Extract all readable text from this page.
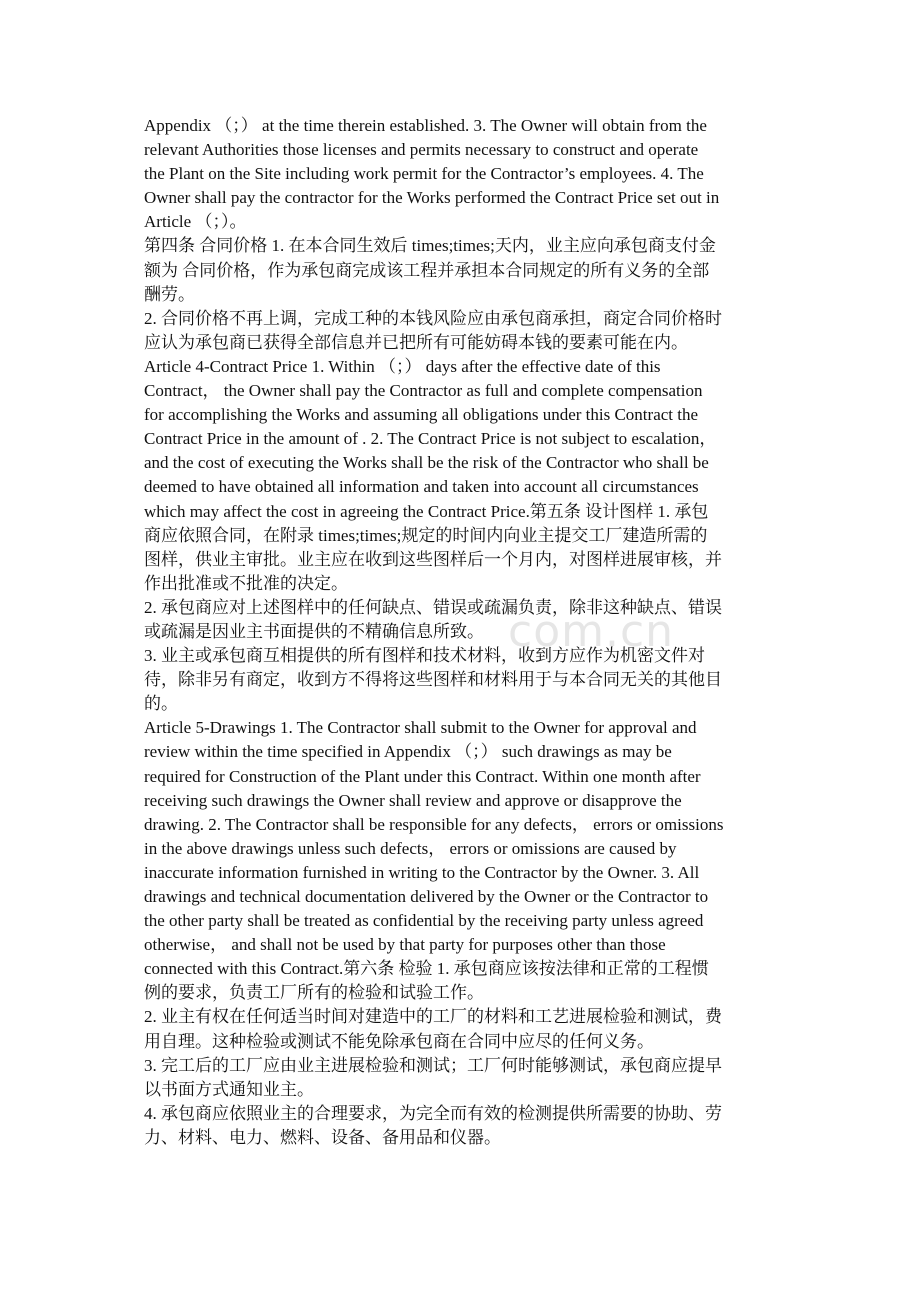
com.cn

Appendix （；） at the time therein established. 3. The Owner will obtain from the
relevant Authorities those licenses and permits necessary to construct and operate
the Plant on the Site including work permit for the Contractor’s employees. 4. The
Owner shall pay the contractor for the Works performed the Contract Price set out in
Article （；）。

第四条 合同价格 1. 在本合同生效后 times;times;天内，业主应向承包商支付金
额为 合同价格，作为承包商完成该工程并承担本合同规定的所有义务的全部
酬劳。

2. 合同价格不再上调，完成工种的本钱风险应由承包商承担，商定合同价格时
应认为承包商已获得全部信息并已把所有可能妨碍本钱的要素可能在内。

Article 4-Contract Price 1. Within （；） days after the effective date of this
Contract， the Owner shall pay the Contractor as full and complete compensation
for accomplishing the Works and assuming all obligations under this Contract the
Contract Price in the amount of . 2. The Contract Price is not subject to escalation，
and the cost of executing the Works shall be the risk of the Contractor who shall be
deemed to have obtained all information and taken into account all circumstances
which may affect the cost in agreeing the Contract Price.第五条 设计图样 1. 承包
商应依照合同，在附录 times;times;规定的时间内向业主提交工厂建造所需的
图样，供业主审批。业主应在收到这些图样后一个月内，对图样进展审核，并
作出批准或不批准的决定。

2. 承包商应对上述图样中的任何缺点、错误或疏漏负责，除非这种缺点、错误
或疏漏是因业主书面提供的不精确信息所致。

3. 业主或承包商互相提供的所有图样和技术材料，收到方应作为机密文件对
待，除非另有商定，收到方不得将这些图样和材料用于与本合同无关的其他目
的。

Article 5-Drawings 1. The Contractor shall submit to the Owner for approval and
review within the time specified in Appendix （；） such drawings as may be
required for Construction of the Plant under this Contract. Within one month after
receiving such drawings the Owner shall review and approve or disapprove the
drawing. 2. The Contractor shall be responsible for any defects， errors or omissions
in the above drawings unless such defects， errors or omissions are caused by
inaccurate information furnished in writing to the Contractor by the Owner. 3. All
drawings and technical documentation delivered by the Owner or the Contractor to
the other party shall be treated as confidential by the receiving party unless agreed
otherwise， and shall not be used by that party for purposes other than those
connected with this Contract.第六条 检验 1. 承包商应该按法律和正常的工程惯
例的要求，负责工厂所有的检验和试验工作。

2. 业主有权在任何适当时间对建造中的工厂的材料和工艺进展检验和测试，费
用自理。这种检验或测试不能免除承包商在合同中应尽的任何义务。

3. 完工后的工厂应由业主进展检验和测试；工厂何时能够测试，承包商应提早
以书面方式通知业主。

4. 承包商应依照业主的合理要求，为完全而有效的检测提供所需要的协助、劳
力、材料、电力、燃料、设备、备用品和仪器。
